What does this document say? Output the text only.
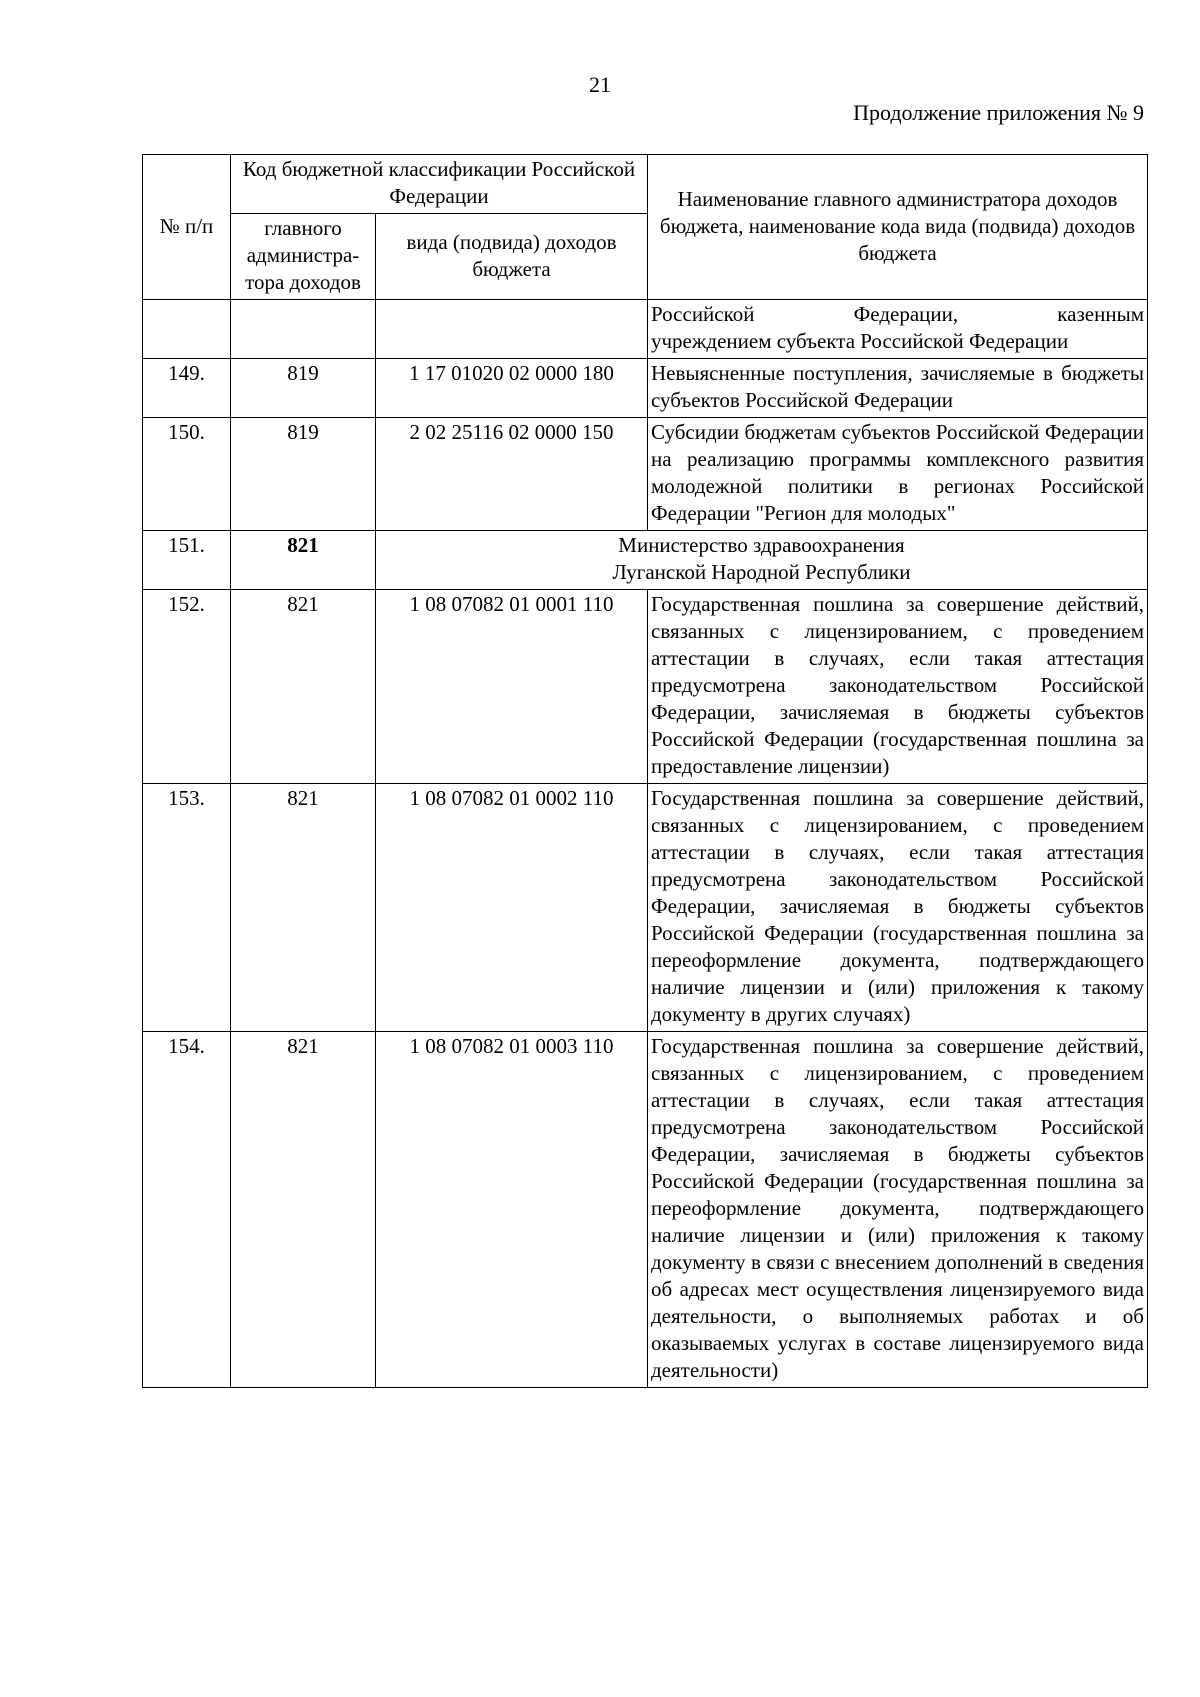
21
Продолжение приложения № 9
№ п/п	Код бюджетной классификации Российской Федерации		Наименование главного администратора доходов бюджета, наименование кода вида (подвида) доходов бюджета
	главного администра-тора доходов	вида (подвида) доходов бюджета	

			Российской Федерации, казенным
учреждением субъекта Российской Федерации

149.	819	1 17 01020 02 0000 180	Невыясненные поступления, зачисляемые в бюджеты субъектов Российской Федерации
150.	819	2 02 25116 02 0000 150	Субсидии бюджетам субъектов Российской Федерации на реализацию программы комплексного развития молодежной политики в регионах Российской Федерации "Регион для молодых"
151.	821	Министерство здравоохранения
Луганской Народной Республики	

152.	821	1 08 07082 01 0001 110	Государственная пошлина за совершение действий, связанных с лицензированием, с проведением аттестации в случаях, если такая аттестация предусмотрена законодательством Российской Федерации, зачисляемая в бюджеты субъектов Российской Федерации (государственная пошлина за предоставление лицензии)
153.	821	1 08 07082 01 0002 110	Государственная пошлина за совершение действий, связанных с лицензированием, с проведением аттестации в случаях, если такая аттестация предусмотрена законодательством Российской Федерации, зачисляемая в бюджеты субъектов Российской Федерации (государственная пошлина за переоформление документа, подтверждающего наличие лицензии и (или) приложения к такому документу в других случаях)
154.	821	1 08 07082 01 0003 110	Государственная пошлина за совершение действий, связанных с лицензированием, с проведением аттестации в случаях, если такая аттестация предусмотрена законодательством Российской Федерации, зачисляемая в бюджеты субъектов Российской Федерации (государственная пошлина за переоформление документа, подтверждающего наличие лицензии и (или) приложения к такому документу в связи с внесением дополнений в сведения об адресах мест осуществления лицензируемого вида деятельности, о выполняемых работах и об оказываемых услугах в составе лицензируемого вида деятельности)
